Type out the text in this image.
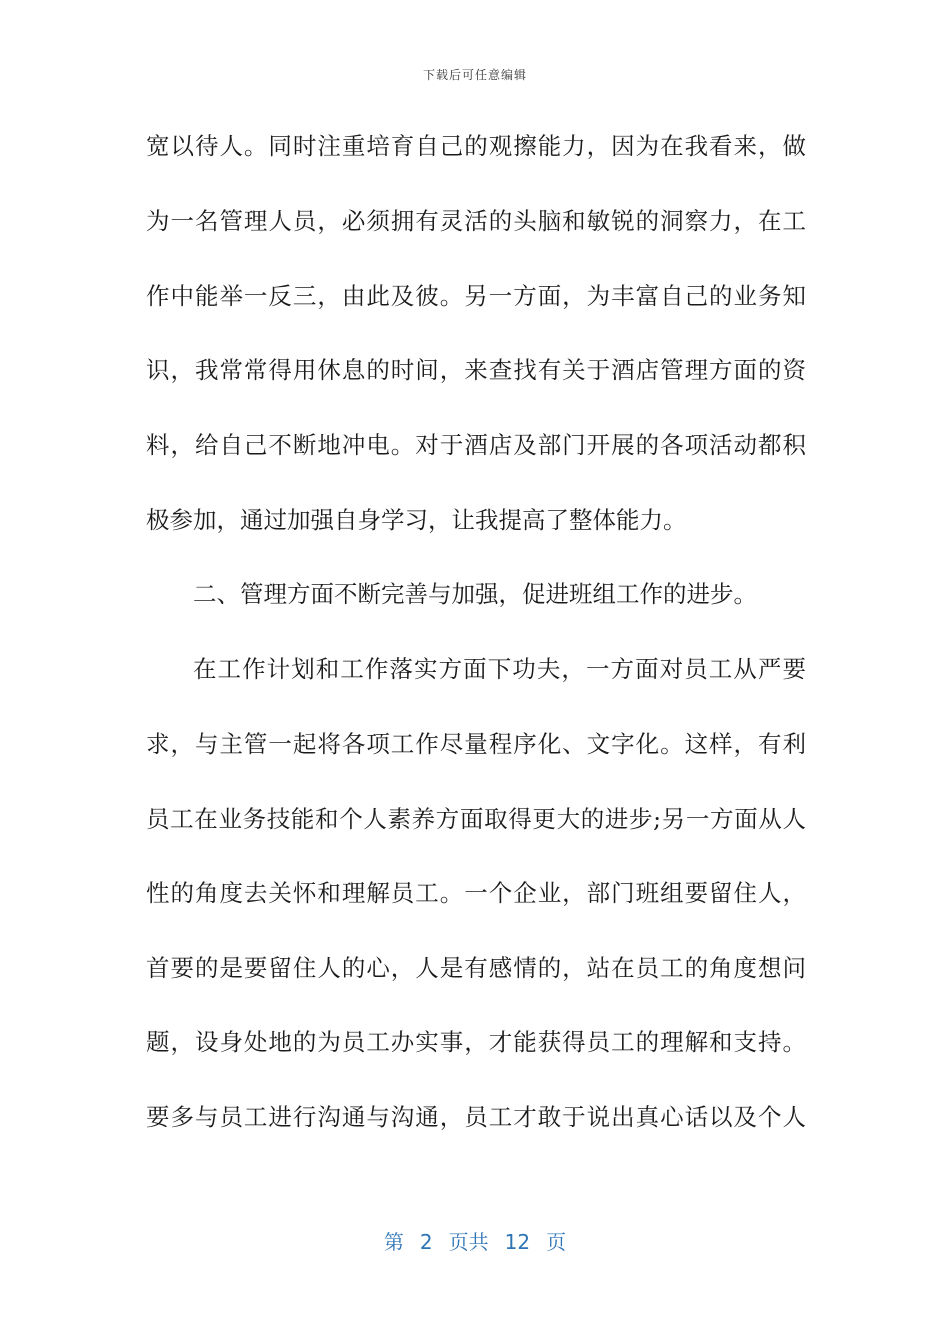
下载后可任意编辑
宽以待人。同时注重培育自己的观擦能力，因为在我看来，做
为一名管理人员，必须拥有灵活的头脑和敏锐的洞察力，在工
作中能举一反三，由此及彼。另一方面，为丰富自己的业务知
识，我常常得用休息的时间，来查找有关于酒店管理方面的资
料，给自己不断地冲电。对于酒店及部门开展的各项活动都积
极参加，通过加强自身学习，让我提高了整体能力。
二、管理方面不断完善与加强，促进班组工作的进步。
在工作计划和工作落实方面下功夫，一方面对员工从严要
求，与主管一起将各项工作尽量程序化、文字化。这样，有利
员工在业务技能和个人素养方面取得更大的进步;另一方面从人
性的角度去关怀和理解员工。一个企业，部门班组要留住人，
首要的是要留住人的心，人是有感情的，站在员工的角度想问
题，设身处地的为员工办实事，才能获得员工的理解和支持。
要多与员工进行沟通与沟通，员工才敢于说出真心话以及个人
第 2 页共 12 页
